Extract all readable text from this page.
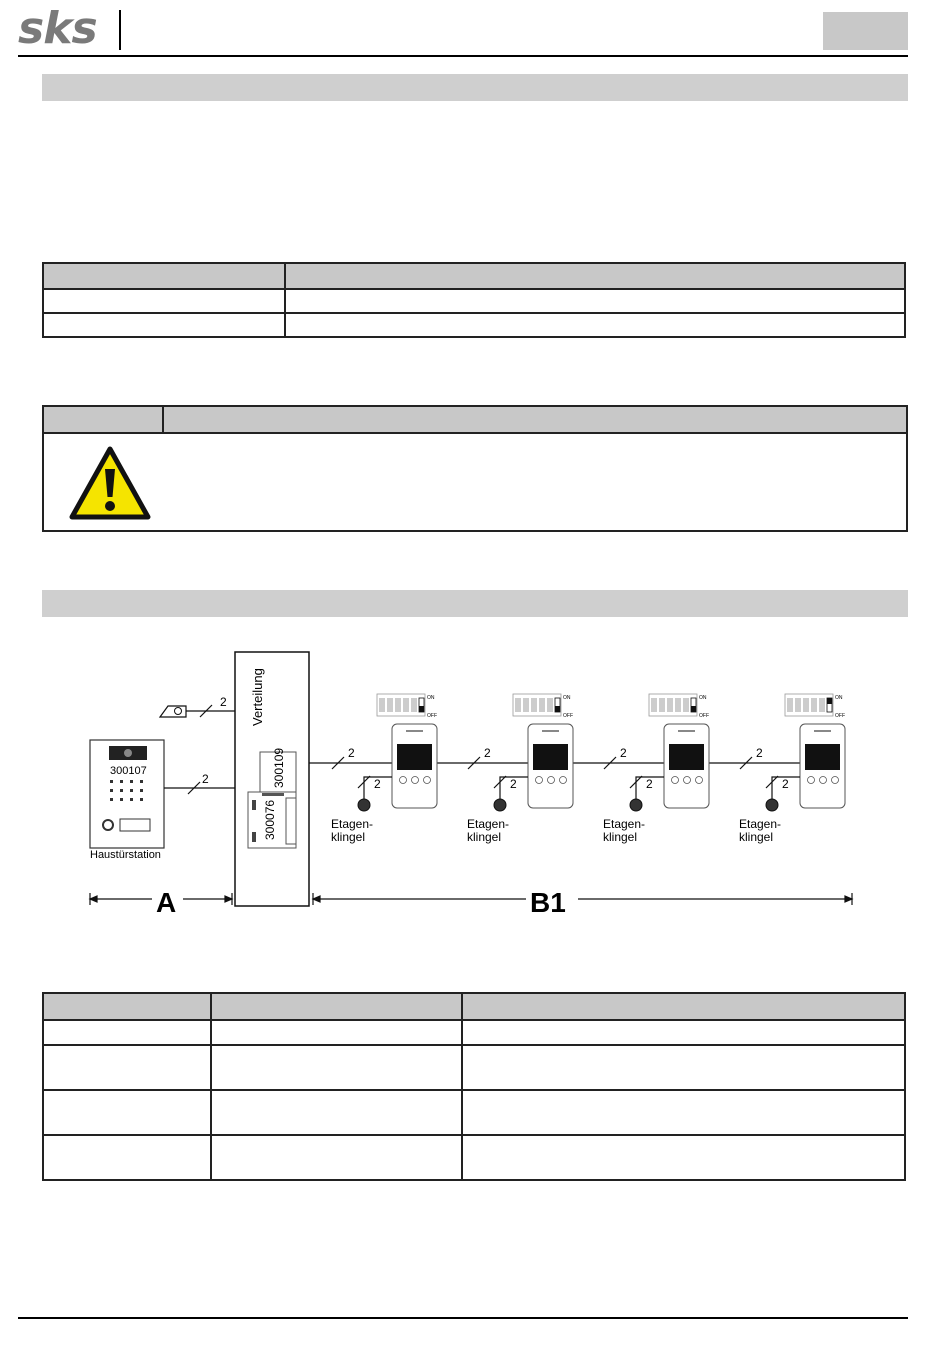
sks

Verteilung
300109
300076
2
300107
Haustürstation
2
ON
OFF
2
2
Etagen-
klingel
ON
OFF
2
2
Etagen-
klingel
ON
OFF
2
2
Etagen-
klingel
ON
OFF
2
2
Etagen-
klingel
A	B1
